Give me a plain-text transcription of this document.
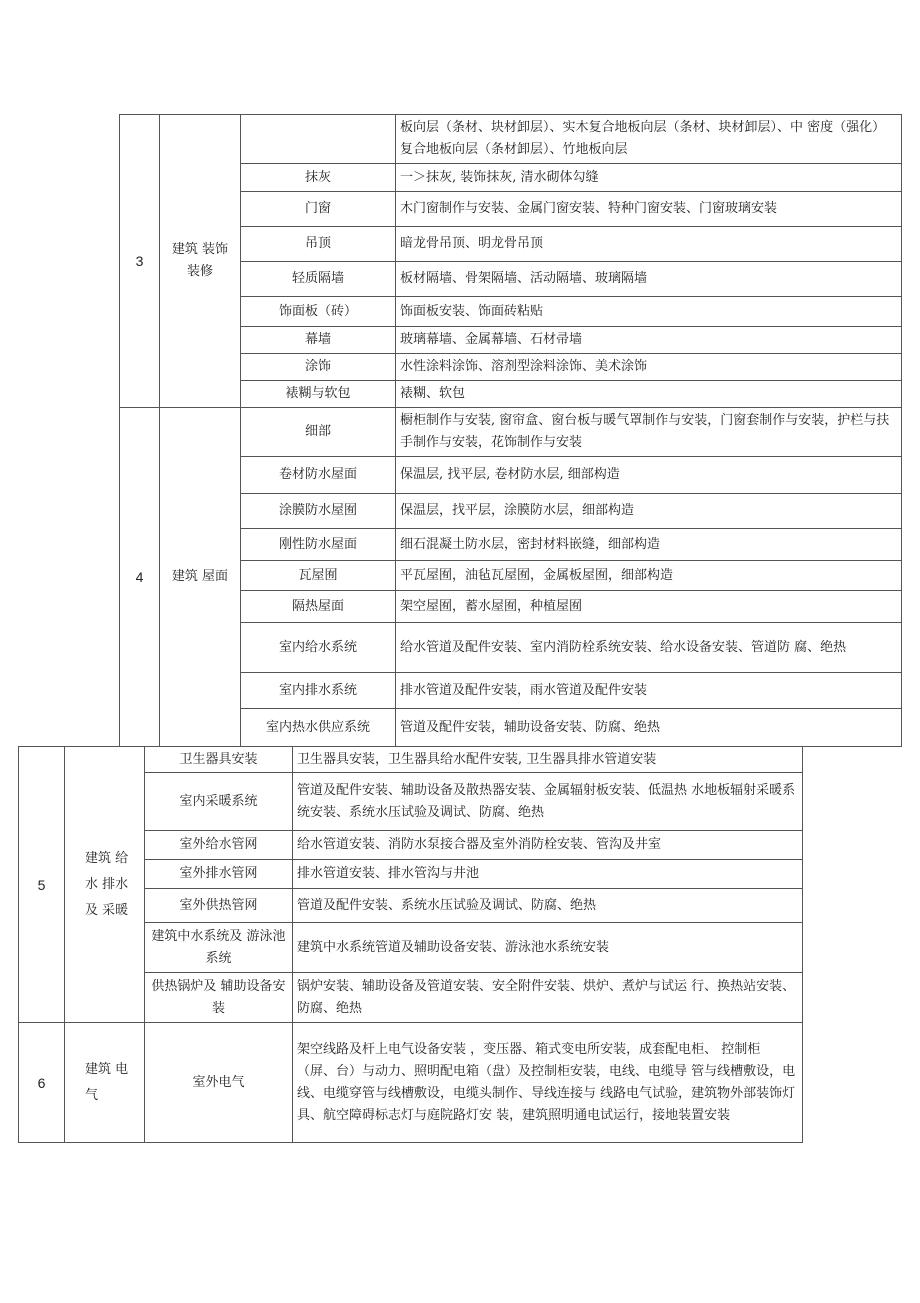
3	建筑 装饰 装修		板向层（条材、块材卸层）、实木复合地板向层（条材、块材卸层）、中 密度（强化）复合地板向层（条材卸层）、竹地板向层
		抹灰	一＞抹灰, 装饰抹灰, 清水砌体勾缝
		门窗	木门窗制作与安装、金属门窗安装、特种门窗安装、门窗玻璃安装
		吊顶	暗龙骨吊顶、明龙骨吊顶
		轻质隔墙	板材隔墙、骨架隔墙、活动隔墙、玻璃隔墙
		饰面板（砖）	饰面板安装、饰面砖粘贴
		幕墙	玻璃幕墙、金属幕墙、石材帚墙
		涂饰	水性涂料涂饰、溶剂型涂料涂饰、美术涂饰
		裱糊与软包	裱糊、软包
4	建筑 屋面	细部	橱柜制作与安装, 窗帘盒、窗台板与暖气罩制作与安装，门窗套制作与安装，护栏与扶手制作与安装，花饰制作与安装
		卷材防水屋面	保温层, 找平层, 卷材防水层, 细部构造
		涂膜防水屋囿	保温层，找平层，涂膜防水层，细部构造
		刚性防水屋面	细石混凝土防水层，密封材料嵌缝，细部构造
		瓦屋囿	平瓦屋囿，油毡瓦屋囿，金属板屋囿，细部构造
		隔热屋面	架空屋囿，蓄水屋囿，种植屋囿
		室内给水系统	给水管道及配件安装、室内消防栓系统安装、给水设备安装、管道防 腐、绝热
		室内排水系统	排水管道及配件安装，雨水管道及配件安装
		室内热水供应系统	管道及配件安装，辅助设备安装、防腐、绝热
5	建筑 给 水 排水 及 采暖	卫生器具安装	卫生器具安装，卫生器具给水配件安装, 卫生器具排水管道安装
		室内采暖系统	管道及配件安装、辅助设备及散热器安装、金属辐射板安装、低温热 水地板辐射采暖系统安装、系统水压试验及调试、防腐、绝热
		室外给水管网	给水管道安装、消防水泵接合器及室外消防栓安装、管沟及井室
		室外排水管网	排水管道安装、排水管沟与井池
		室外供热管网	管道及配件安装、系统水压试验及调试、防腐、绝热
		建筑中水系统及 游泳池系统	建筑中水系统管道及辅助设备安装、游泳池水系统安装
		供热锅炉及 辅助设备安装	锅炉安装、辅助设备及管道安装、安全附件安装、烘炉、煮炉与试运 行、换热站安装、防腐、绝热
6	建筑 电 气	室外电气	架空线路及杆上电气设备安装 ，变压器、箱式变电所安装，成套配电柜、 控制柜（屏、台）与动力、照明配电箱（盘）及控制柜安装，电线、电缆导 管与线槽敷设，电线、电缆穿管与线槽敷设，电缆头制作、导线连接与 线路电气试验，建筑物外部装饰灯具、航空障碍标志灯与庭院路灯安 装，建筑照明通电试运行，接地装置安装
